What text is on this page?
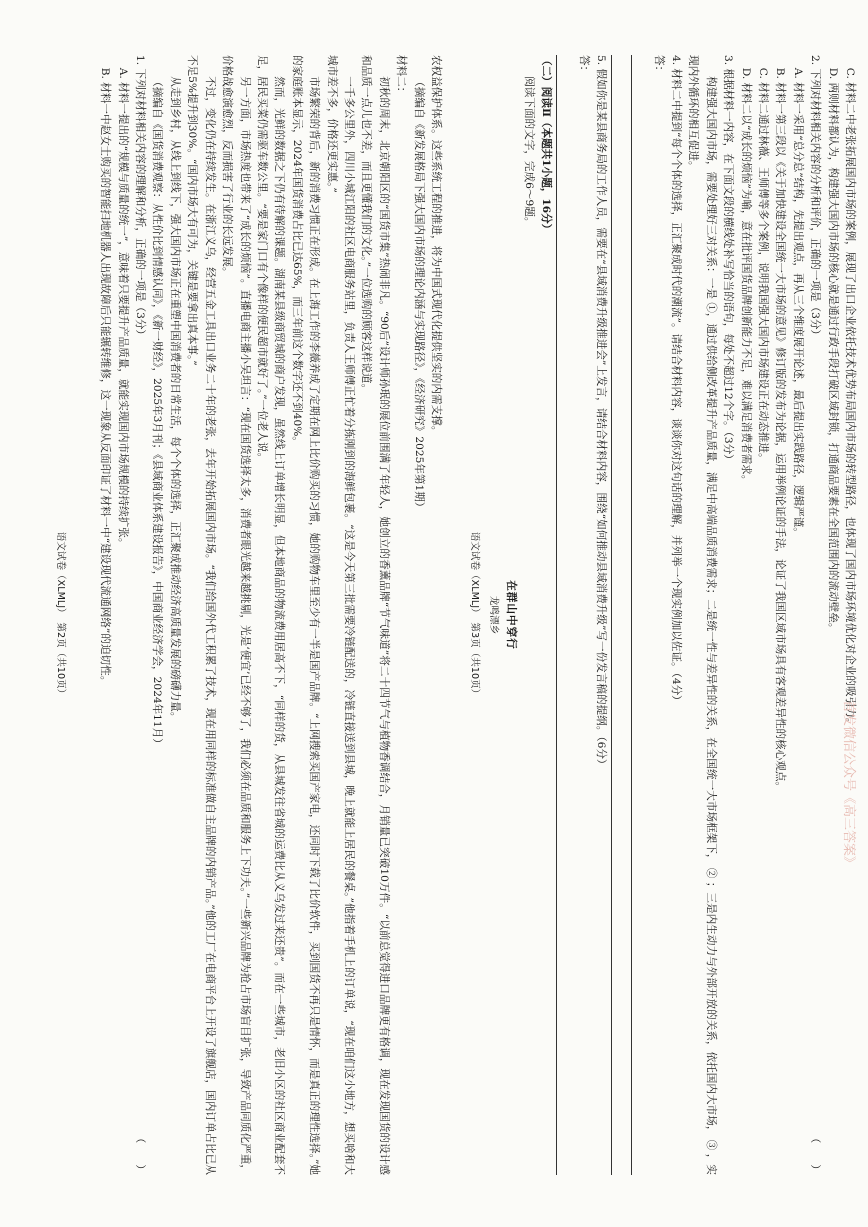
农权益保护体系。这些系统工程的推进，将为中国式现代化提供坚实的内需支撑。

（摘编自《新发展格局下强大国内市场的理论内涵与实现路径》，《经济研究》2025年第1期）

材料二：

初秋的周末，北京朝阳区的“国货市集”热闹非凡。“90后”设计师孙珉的展位前围满了年轻人，她创立的香薰品牌“节气味道”将二十四节气与植物香调结合，月销量已突破10万件。“以前总觉得进口品牌更有格调，现在发现国货的设计感和品质一点儿也不差，而且更懂我们的文化。”一位选购的顾客这样说道。

一千多公里外，四川小城江阳的社区电商服务站里，负责人王师傅正忙着分拣刚到的海鲜包裹。“这是今天第三批需要冷链配送的，冷链直接送到县城，晚上就能上居民的餐桌。”他指着手机上的订单说，“现在咱们这小地方，想买啥和大城市差不多，价格还更实惠。”

市场繁荣的背后，新的消费习惯正在形成。在上海工作的李薇养成了定期在网上比价购买的习惯，她的购物车里至少有一半是国产品牌。“上网搜索买国产家电，还同时下载了比价软件，买到国货不再只是情怀，而是真正的理性选择。”她的家庭账本显示，2024年国货消费占比已达65%，而三年前这个数字还不到40%。

然而，光鲜的数据之下仍有待解的课题。湖南某县级商贸城的商户发现，虽然线上订单增长明显，但本地商品的物流费用居高不下，“同样的货，从县城发往省城的运费比从义乌发过来还贵”。而在一些城市，老旧小区的社区商业配套不足，居民买菜仍需驱车数公里。“要是家门口有个像样的便民超市就好了。”一位老人说。

另一方面，市场热度也带来了“成长的烦恼”。直播电商主播小吴坦言：“现在国货选择太多，消费者眼光越来越挑剔，光是‘便宜’已经不够了，我们必须在品质和服务上下功夫。”一些新兴品牌为抢占市场盲目扩张，导致产品同质化严重，价格战愈演愈烈，反而损害了行业的长远发展。

不过，变化仍在持续发生。在浙江义乌，经营五金工具出口业务二十年的老张，去年开始拓展国内市场。“我们给国外代工积累了技术，现在用同样的标准做自主品牌的内销产品。”他的工厂在电商平台上开设了旗舰店，国内订单占比已从不足5%提升到30%。“国内市场大有可为，关键是要拿出真本事。”

从走到乡村，从线上到线下，强大国内市场正在重塑中国消费者的日常生活，每个个体的选择，正汇聚成推动经济高质量发展的磅礴力量。

（摘编自《国货消费观察：从性价比到情感认同》，《新一财经》，2025年3月刊；《县域商业体系建设报告》，中国商业经济学会，2024年11月）

1. 下列对材料相关内容的理解和分析，正确的一项是（3分）
（　　）

A. 材料一提出的“规模与质量的统一”，意味着只要提升产品质量，就能实现国内市场规模的持续扩张。

B. 材料一中赵女士购买的智能扫地机器人出现故障后只能辗转维修，这一现象从反面印证了材料一中“建设现代流通网络”的迫切性。

语文试卷（XLMLJ）　第2页（共10页）	C. 材料二中老张拓展国内市场的案例，展现了出口企业依托技术优势布局国内市场的转型路径，也体现了国内市场环境优化对企业的吸引力。

D. 两则材料都认为，构建强大国内市场的核心就是通过行政手段打破区域封锁，打通商品要素在全国范围内的流动壁垒。

2. 下列对材料相关内容的分析和评价，正确的一项是（3分）
（　　）

A. 材料一采用“总分总”结构，先提出观点，再从三个维度展开论述，最后提出实践路径，逻辑严谨。

B. 材料一第三段以《关于加快建设全国统一大市场的意见》修订版的发布为论据，运用举例论证的手法，论证了我国区域市场具有客观差异性的核心观点。

C. 材料二通过林薇、王师傅等多个案例，说明我国强大国内市场建设正在动态推进。

D. 材料二以“成长的烦恼”为喻，意在批评国货品牌创新能力不足，难以满足消费者需求。

3. 根据材料一内容，在下面文段的横线处补写恰当的语句，每处不超过12个字。（3分）

构建强大国内市场，需要处理好三对关系：一是 ①，通过供给侧改革提升产品质量，满足中高端品质消费需求；二是统一性与差异性的关系，在全国统一大市场框架下， ② ；三是内生动力与外部开放的关系，依托国内大市场， ③ ，实现内外循环的相互促进。

4. 材料二中提到“每个个体的选择，正汇聚成时代的潮流”。请结合材料内容，谈谈你对这句话的理解，并列举一个现实例加以佐证。（4分）

答：

5. 假如你是某县商务局的工作人员，需要在“县域消费升级推进会”上发言，请结合材料内容，围绕“如何推动县域消费升级”写一份发言稿的提纲。（6分）

答：

（二）阅读Ⅱ（本题共1小题，16分）

阅读下面的文字，完成6～9题。

在群山中穿行

龙鸣漂乡

语文试卷（XLMLJ）　第3页（共10页）
首发微信公众号《高三答案》
